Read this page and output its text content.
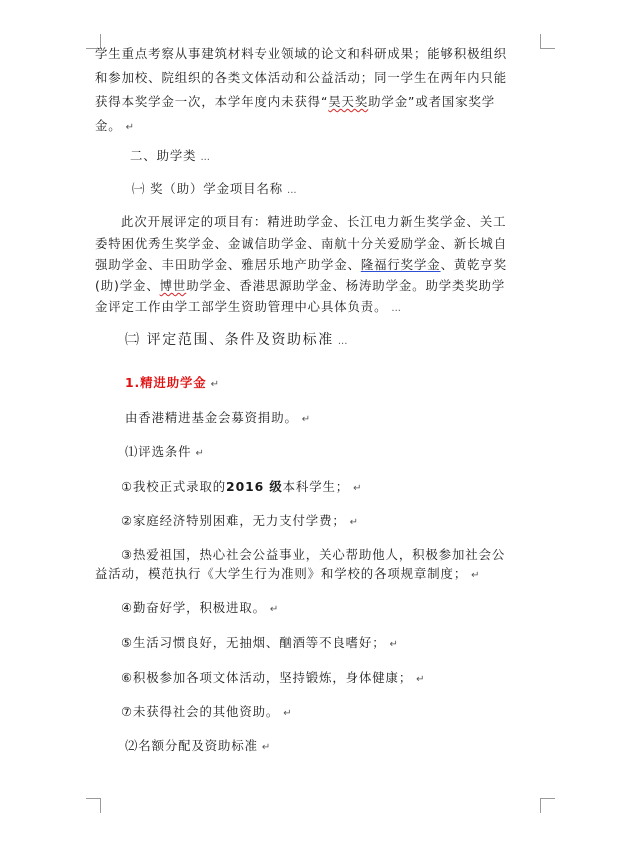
学生重点考察从事建筑材料专业领域的论文和科研成果；能够积极组织
和参加校、院组织的各类文体活动和公益活动；同一学生在两年内只能
获得本奖学金一次，本学年度内未获得“昊天奖助学金”或者国家奖学
金。 ↵
二、助学类 ...
㈠ 奖（助）学金项目名称 ...
此次开展评定的项目有：精进助学金、长江电力新生奖学金、关工
委特困优秀生奖学金、金诚信助学金、南航十分关爱励学金、新长城自
强助学金、丰田助学金、雅居乐地产助学金、隆福行奖学金、黄乾亨奖
(助)学金、博世助学金、香港思源助学金、杨涛助学金。助学类奖助学
金评定工作由学工部学生资助管理中心具体负责。 ...
㈡ 评定范围、条件及资助标准 ...
1.精进助学金 ↵
由香港精进基金会募资捐助。 ↵
⑴评选条件 ↵
①我校正式录取的2016 级本科学生； ↵
②家庭经济特别困难，无力支付学费； ↵
③热爱祖国，热心社会公益事业，关心帮助他人，积极参加社会公
益活动，模范执行《大学生行为准则》和学校的各项规章制度； ↵
④勤奋好学，积极进取。 ↵
⑤生活习惯良好，无抽烟、酗酒等不良嗜好； ↵
⑥积极参加各项文体活动，坚持锻炼，身体健康； ↵
⑦未获得社会的其他资助。 ↵
⑵名额分配及资助标准 ↵
